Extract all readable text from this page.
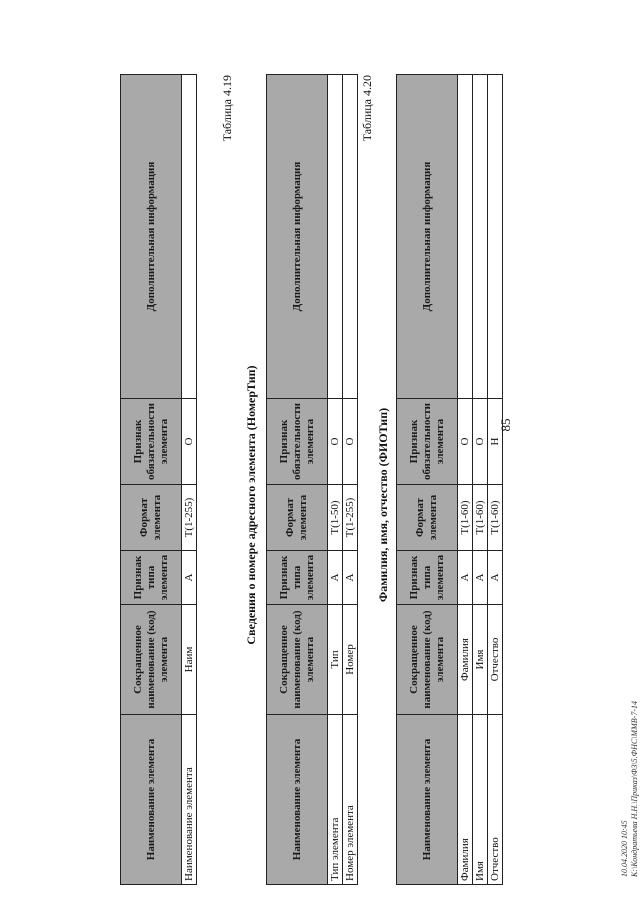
85
Наименование элемента	Сокращенное наименование (код) элемента	Признак типа элемента	Формат элемента	Признак обязательности элемента	Дополнительная информация
Наименование элемента	Наим	А	T(1-255)	О	
Таблица 4.19
Сведения о номере адресного элемента (НомерТип)
Наименование элемента	Сокращенное наименование (код) элемента	Признак типа элемента	Формат элемента	Признак обязательности элемента	Дополнительная информация
Тип элемента	Тип	А	T(1-50)	О	
Номер элемента	Номер	А	T(1-255)	О	
Таблица 4.20
Фамилия, имя, отчество (ФИОТип)
Наименование элемента	Сокращенное наименование (код) элемента	Признак типа элемента	Формат элемента	Признак обязательности элемента	Дополнительная информация
Фамилия	Фамилия	А	T(1-60)	О	
Имя	Имя	А	T(1-60)	О	
Отчество	Отчество	А	T(1-60)	Н	
10.04.2020 10:45 К:\Кондратьева Н.Н.\Приказ\ФЗ\5.ФНС\ММВ-7-14
